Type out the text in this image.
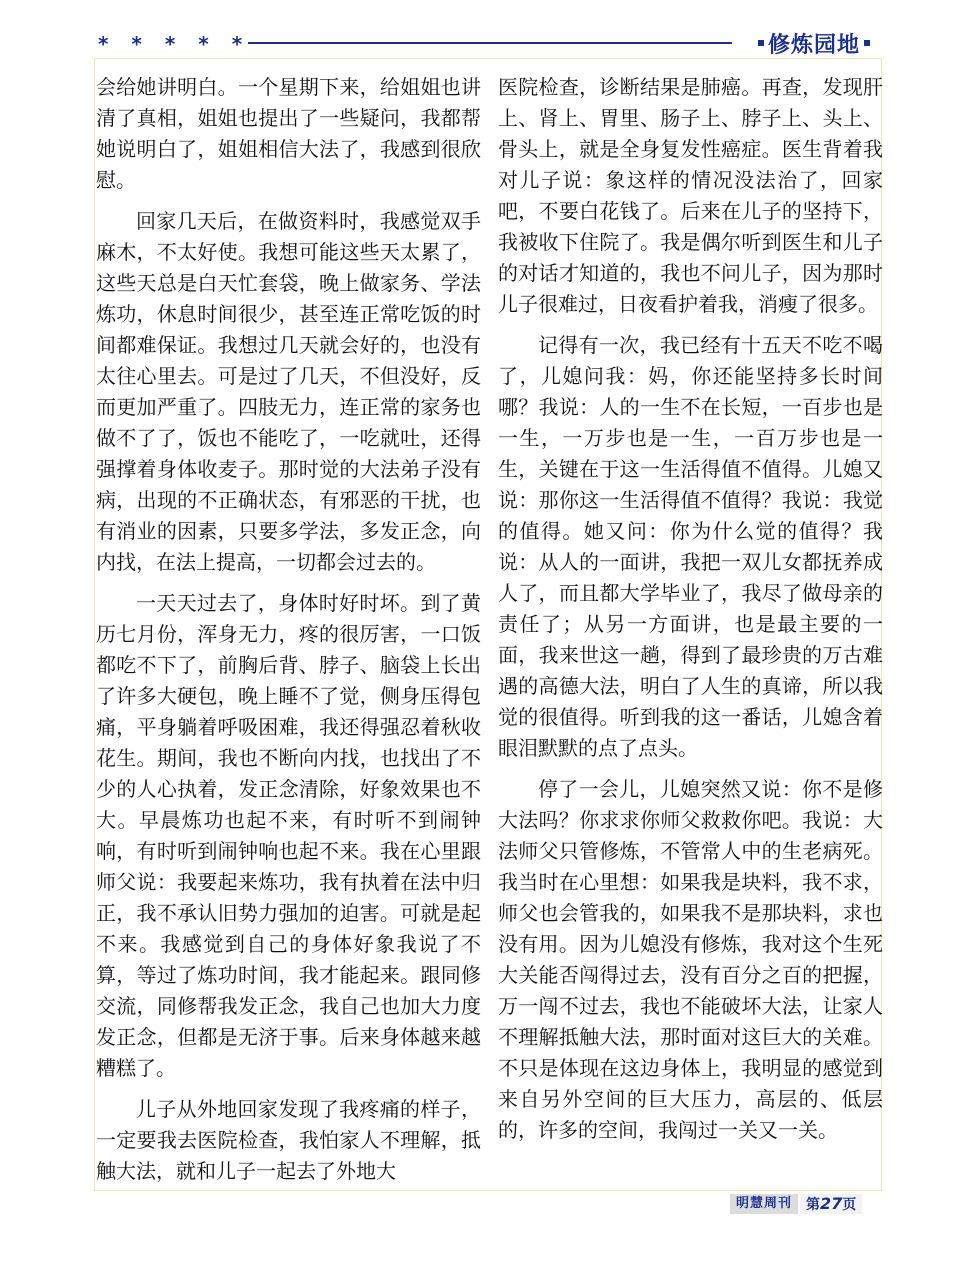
* * * * *	修炼园地

会给她讲明白。一个星期下来，给姐姐也讲清了真相，姐姐也提出了一些疑问，我都帮她说明白了，姐姐相信大法了，我感到很欣慰。

回家几天后，在做资料时，我感觉双手麻木，不太好使。我想可能这些天太累了，这些天总是白天忙套袋，晚上做家务、学法炼功，休息时间很少，甚至连正常吃饭的时间都难保证。我想过几天就会好的，也没有太往心里去。可是过了几天，不但没好，反而更加严重了。四肢无力，连正常的家务也做不了了，饭也不能吃了，一吃就吐，还得强撑着身体收麦子。那时觉的大法弟子没有病，出现的不正确状态，有邪恶的干扰，也有消业的因素，只要多学法，多发正念，向内找，在法上提高，一切都会过去的。

一天天过去了，身体时好时坏。到了黄历七月份，浑身无力，疼的很厉害，一口饭都吃不下了，前胸后背、脖子、脑袋上长出了许多大硬包，晚上睡不了觉，侧身压得包痛，平身躺着呼吸困难，我还得强忍着秋收花生。期间，我也不断向内找，也找出了不少的人心执着，发正念清除，好象效果也不大。早晨炼功也起不来，有时听不到闹钟响，有时听到闹钟响也起不来。我在心里跟师父说：我要起来炼功，我有执着在法中归正，我不承认旧势力强加的迫害。可就是起不来。我感觉到自己的身体好象我说了不算，等过了炼功时间，我才能起来。跟同修交流，同修帮我发正念，我自己也加大力度发正念，但都是无济于事。后来身体越来越糟糕了。

儿子从外地回家发现了我疼痛的样子，一定要我去医院检查，我怕家人不理解，抵触大法，就和儿子一起去了外地大

医院检查，诊断结果是肺癌。再查，发现肝上、肾上、胃里、肠子上、脖子上、头上、骨头上，就是全身复发性癌症。医生背着我对儿子说：象这样的情况没法治了，回家吧，不要白花钱了。后来在儿子的坚持下，我被收下住院了。我是偶尔听到医生和儿子的对话才知道的，我也不问儿子，因为那时儿子很难过，日夜看护着我，消瘦了很多。

记得有一次，我已经有十五天不吃不喝了，儿媳问我：妈，你还能坚持多长时间哪？我说：人的一生不在长短，一百步也是一生，一万步也是一生，一百万步也是一生，关键在于这一生活得值不值得。儿媳又说：那你这一生活得值不值得？我说：我觉的值得。她又问：你为什么觉的值得？我说：从人的一面讲，我把一双儿女都抚养成人了，而且都大学毕业了，我尽了做母亲的责任了；从另一方面讲，也是最主要的一面，我来世这一趟，得到了最珍贵的万古难遇的高德大法，明白了人生的真谛，所以我觉的很值得。听到我的这一番话，儿媳含着眼泪默默的点了点头。

停了一会儿，儿媳突然又说：你不是修大法吗？你求求你师父救救你吧。我说：大法师父只管修炼，不管常人中的生老病死。我当时在心里想：如果我是块料，我不求，师父也会管我的，如果我不是那块料，求也没有用。因为儿媳没有修炼，我对这个生死大关能否闯得过去，没有百分之百的把握，万一闯不过去，我也不能破坏大法，让家人不理解抵触大法，那时面对这巨大的关难。不只是体现在这边身体上，我明显的感觉到来自另外空间的巨大压力，高层的、低层的，许多的空间，我闯过一关又一关。

明慧周刊	第27页
